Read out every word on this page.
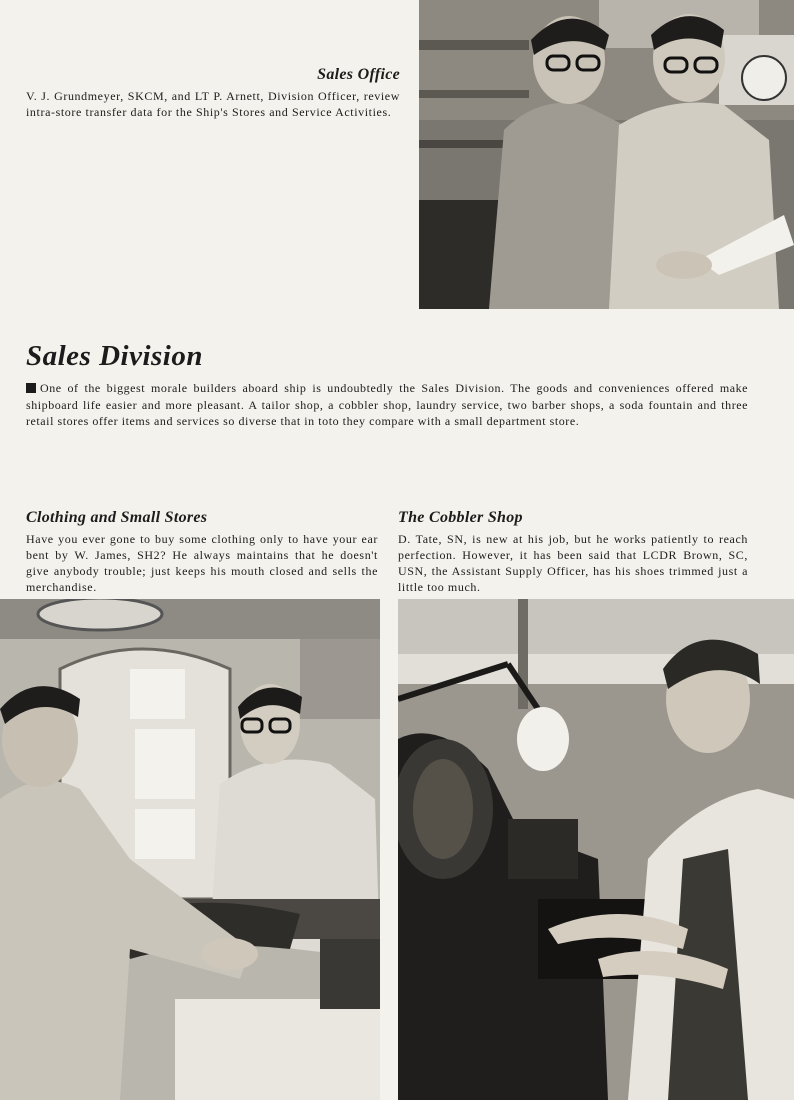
Sales Office

V. J. Grundmeyer, SKCM, and LT P. Arnett, Division Officer, review intra-store transfer data for the Ship's Stores and Service Activities.

Sales Division

One of the biggest morale builders aboard ship is undoubtedly the Sales Division. The goods and conveniences offered make shipboard life easier and more pleasant. A tailor shop, a cobbler shop, laundry service, two barber shops, a soda fountain and three retail stores offer items and services so diverse that in toto they compare with a small department store.

Clothing and Small Stores

Have you ever gone to buy some clothing only to have your ear bent by W. James, SH2? He always maintains that he doesn't give anybody trouble; just keeps his mouth closed and sells the merchandise.

The Cobbler Shop

D. Tate, SN, is new at his job, but he works patiently to reach perfection. However, it has been said that LCDR Brown, SC, USN, the Assistant Supply Officer, has his shoes trimmed just a little too much.
